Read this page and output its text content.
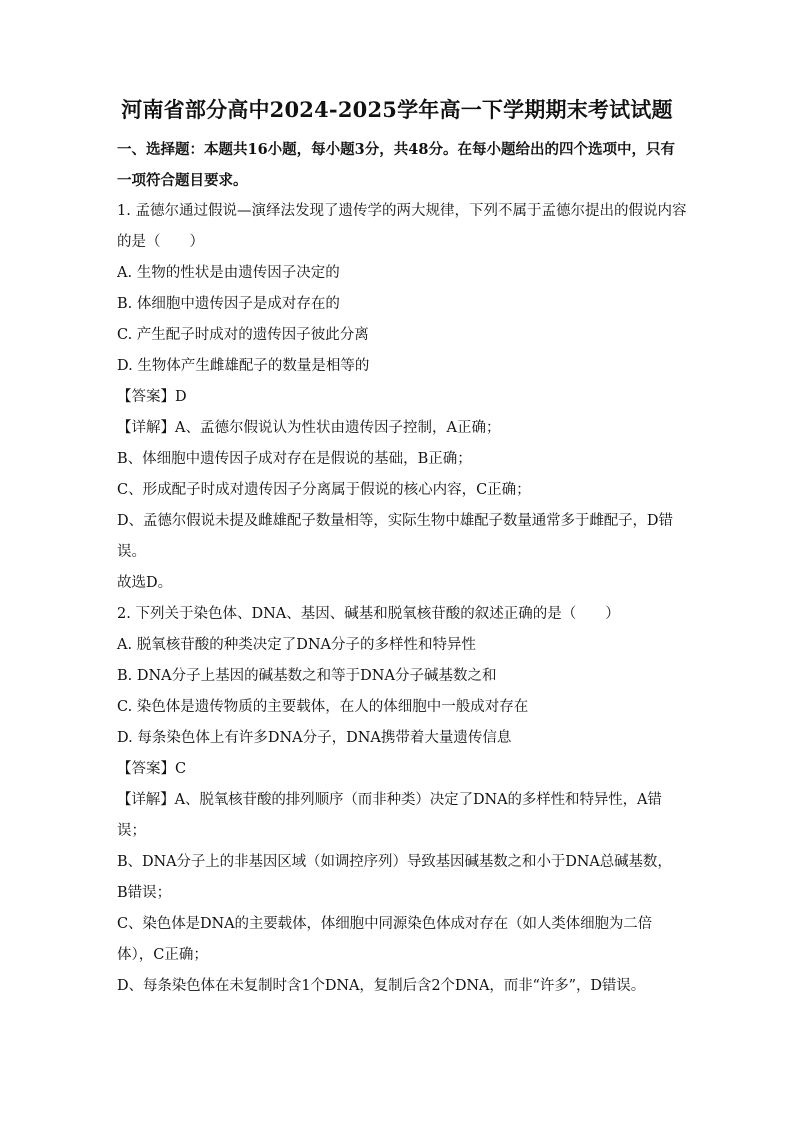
河南省部分高中2024-2025学年高一下学期期末考试试题

一、选择题：本题共16小题，每小题3分，共48分。在每小题给出的四个选项中，只有

一项符合题目要求。

1. 孟德尔通过假说—演绎法发现了遗传学的两大规律，下列不属于孟德尔提出的假说内容

的是（　　）

A. 生物的性状是由遗传因子决定的

B. 体细胞中遗传因子是成对存在的

C. 产生配子时成对的遗传因子彼此分离

D. 生物体产生雌雄配子的数量是相等的

【答案】D

【详解】A、孟德尔假说认为性状由遗传因子控制，A正确；

B、体细胞中遗传因子成对存在是假说的基础，B正确；

C、形成配子时成对遗传因子分离属于假说的核心内容，C正确；

D、孟德尔假说未提及雌雄配子数量相等，实际生物中雄配子数量通常多于雌配子，D错

误。

故选D。

2. 下列关于染色体、DNA、基因、碱基和脱氧核苷酸的叙述正确的是（　　）

A. 脱氧核苷酸的种类决定了DNA分子的多样性和特异性

B. DNA分子上基因的碱基数之和等于DNA分子碱基数之和

C. 染色体是遗传物质的主要载体，在人的体细胞中一般成对存在

D. 每条染色体上有许多DNA分子，DNA携带着大量遗传信息

【答案】C

【详解】A、脱氧核苷酸的排列顺序（而非种类）决定了DNA的多样性和特异性，A错

误；

B、DNA分子上的非基因区域（如调控序列）导致基因碱基数之和小于DNA总碱基数，

B错误；

C、染色体是DNA的主要载体，体细胞中同源染色体成对存在（如人类体细胞为二倍

体），C正确；

D、每条染色体在未复制时含1个DNA，复制后含2个DNA，而非“许多”，D错误。
